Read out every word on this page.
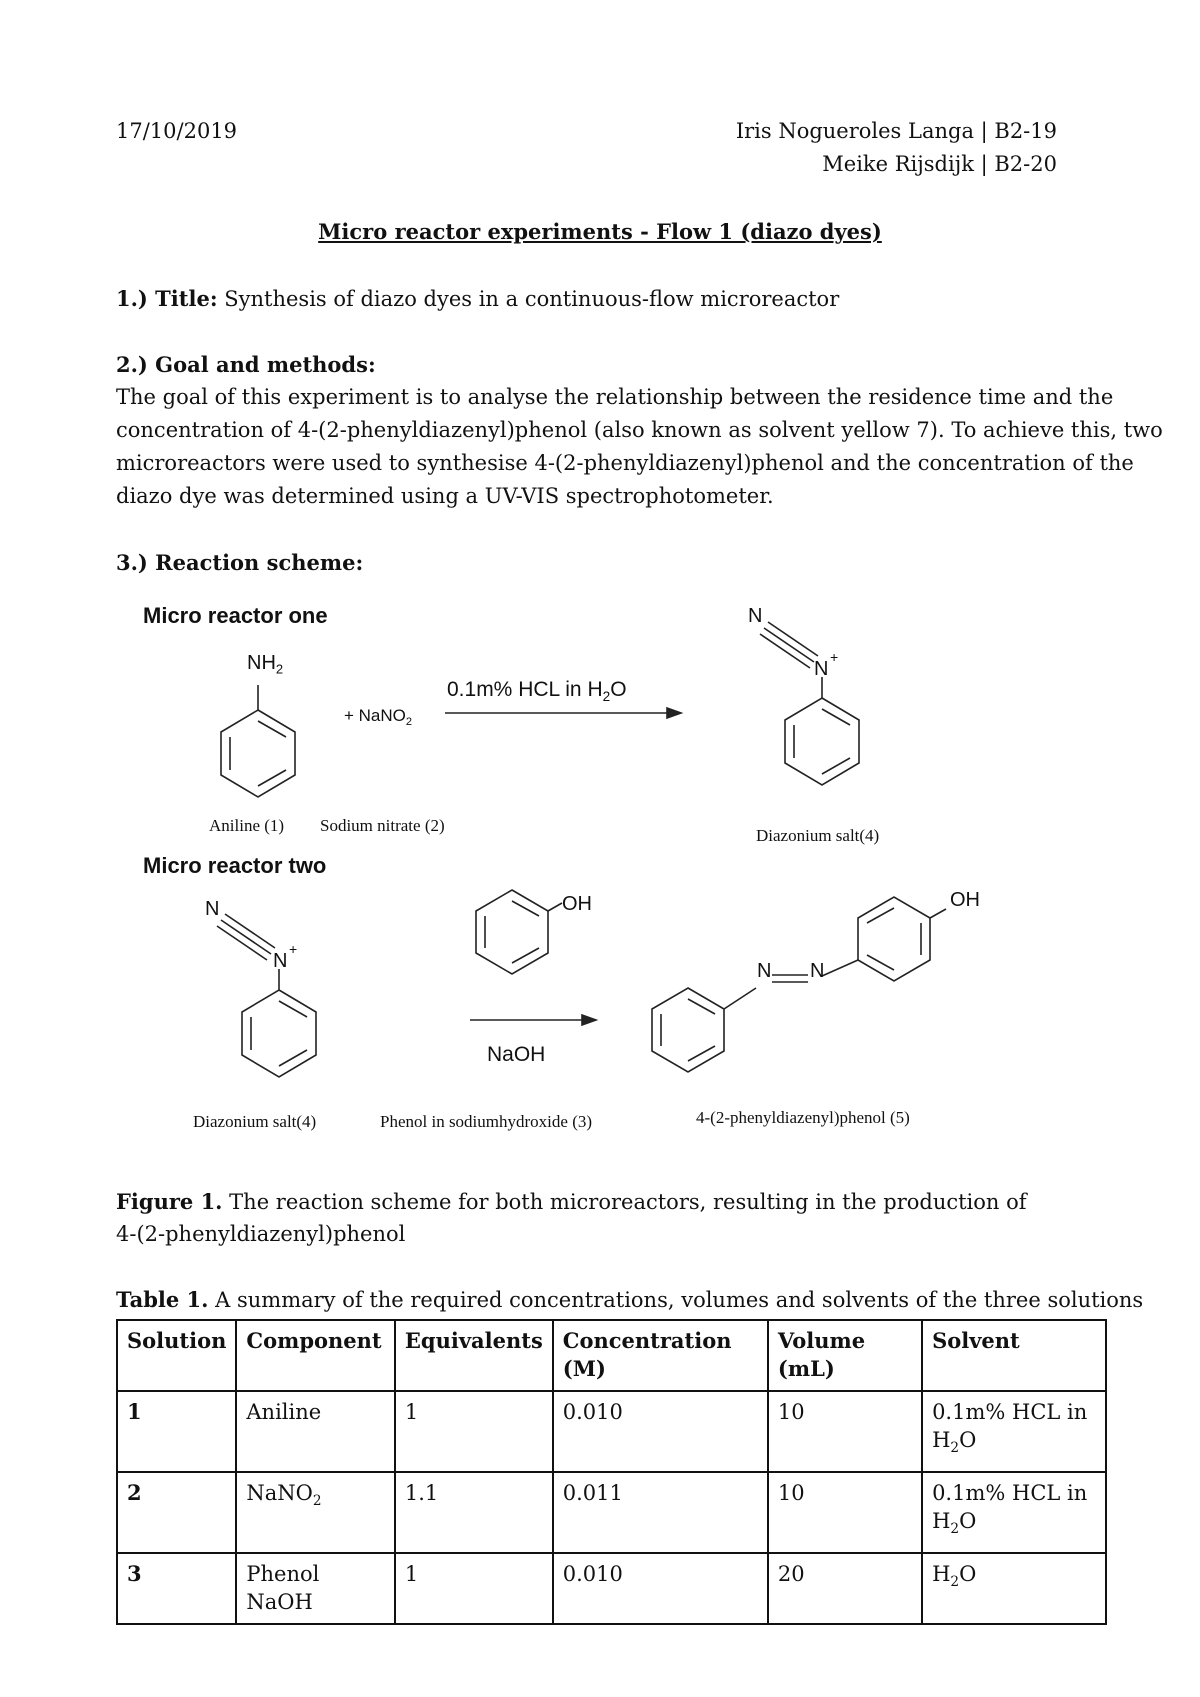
17/10/2019	Iris Nogueroles Langa | B2-19
Meike Rijsdijk | B2-20
Micro reactor experiments - Flow 1 (diazo dyes)
1.) Title: Synthesis of diazo dyes in a continuous-flow microreactor
2.) Goal and methods:
The goal of this experiment is to analyse the relationship between the residence time and the
concentration of 4-(2-phenyldiazenyl)phenol (also known as solvent yellow 7). To achieve this, two
microreactors were used to synthesise 4-(2-phenyldiazenyl)phenol and the concentration of the
diazo dye was determined using a UV-VIS spectrophotometer.
3.) Reaction scheme:
Micro reactor one
$NH_2$
+ NaNO$_2$
0.1m% HCL in $H_2O$
N
N
+
Aniline (1) Sodium nitrate (2)
Diazonium salt(4)
Micro reactor two
N
N
+
OH
NaOH
N N
OH
Diazonium salt(4)	Phenol in sodiumhydroxide (3)	4-(2-phenyldiazenyl)phenol (5)
Figure 1. The reaction scheme for both microreactors, resulting in the production of
4-(2-phenyldiazenyl)phenol
Table 1. A summary of the required concentrations, volumes and solvents of the three solutions
Solution	Component	Equivalents	Concentration (M)	Volume (mL)	Solvent
1	Aniline	1	0.010	10	0.1m% HCL in
$H_2O$
2	NaNO$_2$	1.1	0.011	10	0.1m% HCL in
$H_2O$
3	Phenol NaOH	1	0.010	20	$H_2O$
